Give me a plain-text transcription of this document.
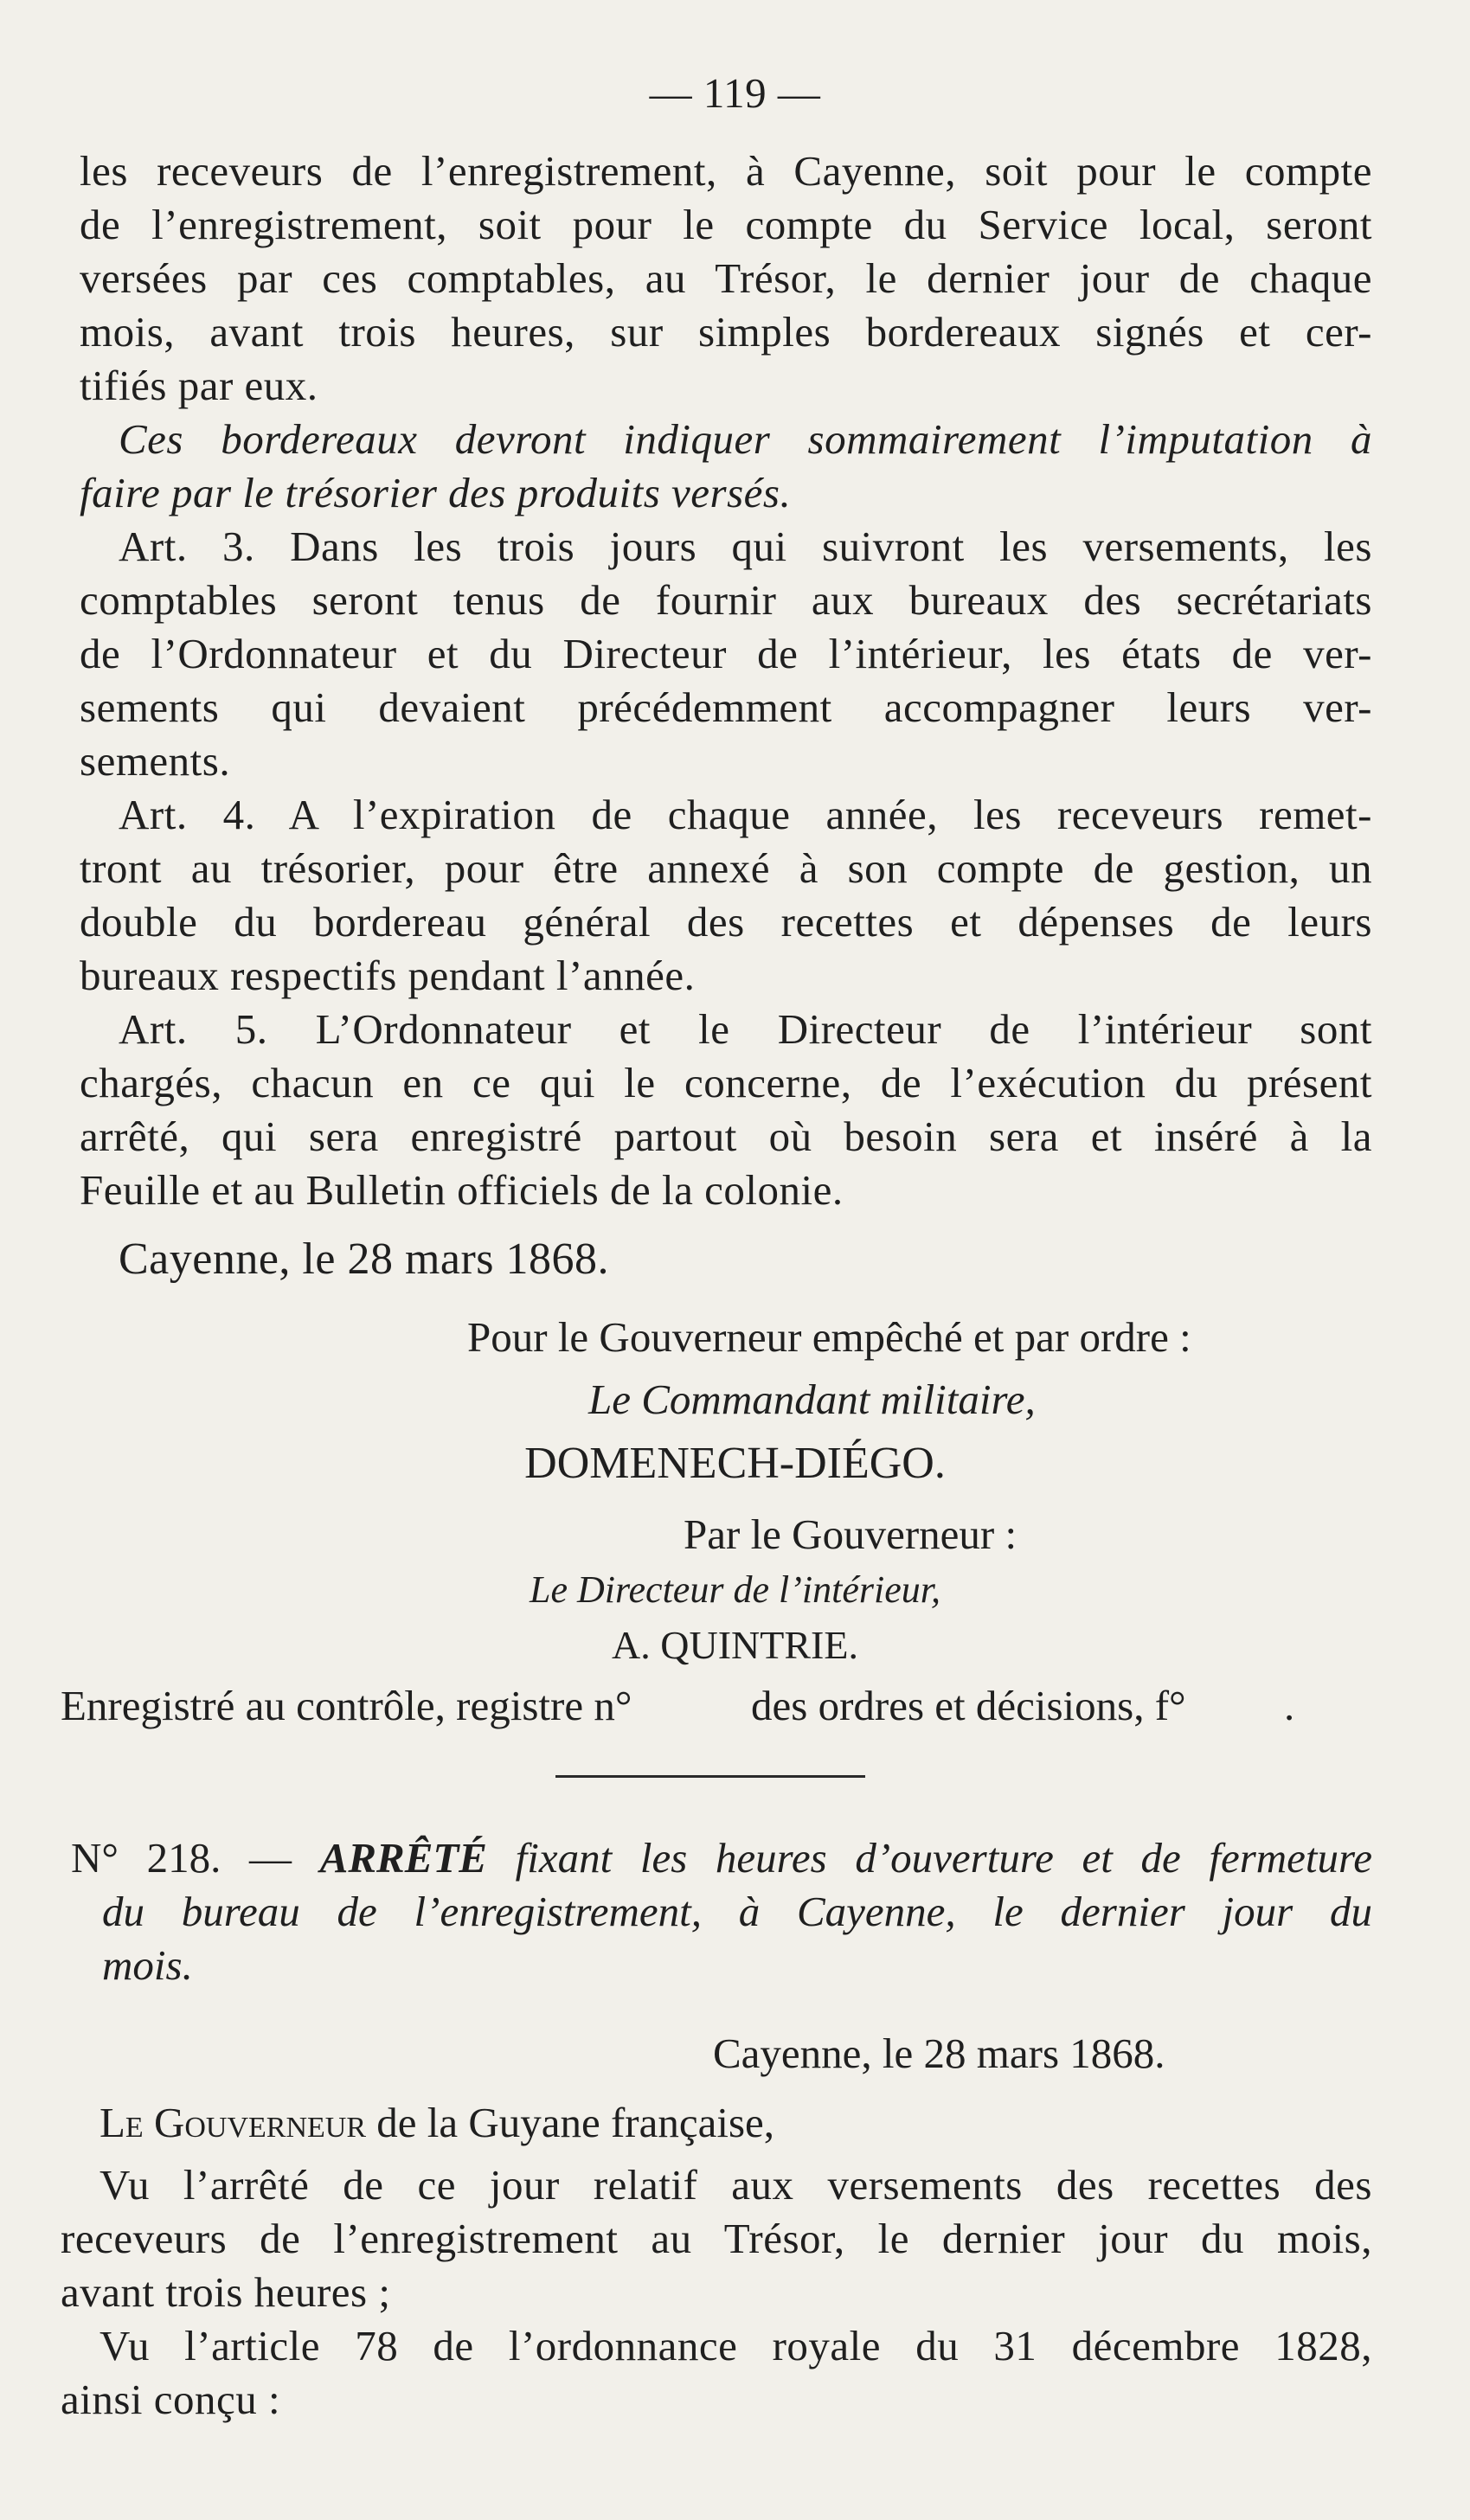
— 119 —
les receveurs de l’enregistrement, à Cayenne, soit pour le compte
de l’enregistrement, soit pour le compte du Service local, seront
versées par ces comptables, au Trésor, le dernier jour de chaque
mois, avant trois heures, sur simples bordereaux signés et cer-
tifiés par eux.
Ces bordereaux devront indiquer sommairement l’imputation à
faire par le trésorier des produits versés.
Art. 3. Dans les trois jours qui suivront les versements, les
comptables seront tenus de fournir aux bureaux des secrétariats
de l’Ordonnateur et du Directeur de l’intérieur, les états de ver-
sements qui devaient précédemment accompagner leurs ver-
sements.
Art. 4. A l’expiration de chaque année, les receveurs remet-
tront au trésorier, pour être annexé à son compte de gestion, un
double du bordereau général des recettes et dépenses de leurs
bureaux respectifs pendant l’année.
Art. 5. L’Ordonnateur et le Directeur de l’intérieur sont
chargés, chacun en ce qui le concerne, de l’exécution du présent
arrêté, qui sera enregistré partout où besoin sera et inséré à la
Feuille et au Bulletin officiels de la colonie.
Cayenne, le 28 mars 1868.
Pour le Gouverneur empêché et par ordre :
Le Commandant militaire,
DOMENECH-DIÉGO.
Par le Gouverneur :
Le Directeur de l’intérieur,
A. QUINTRIE.
Enregistré au contrôle, registre n°	des ordres et décisions, f° .
N° 218. — ARRÊTÉ fixant les heures d’ouverture et de fermeture
du bureau de l’enregistrement, à Cayenne, le dernier jour du
mois.
Cayenne, le 28 mars 1868.
Le Gouverneur de la Guyane française,
Vu l’arrêté de ce jour relatif aux versements des recettes des
receveurs de l’enregistrement au Trésor, le dernier jour du mois,
avant trois heures ;
Vu l’article 78 de l’ordonnance royale du 31 décembre 1828,
ainsi conçu :
